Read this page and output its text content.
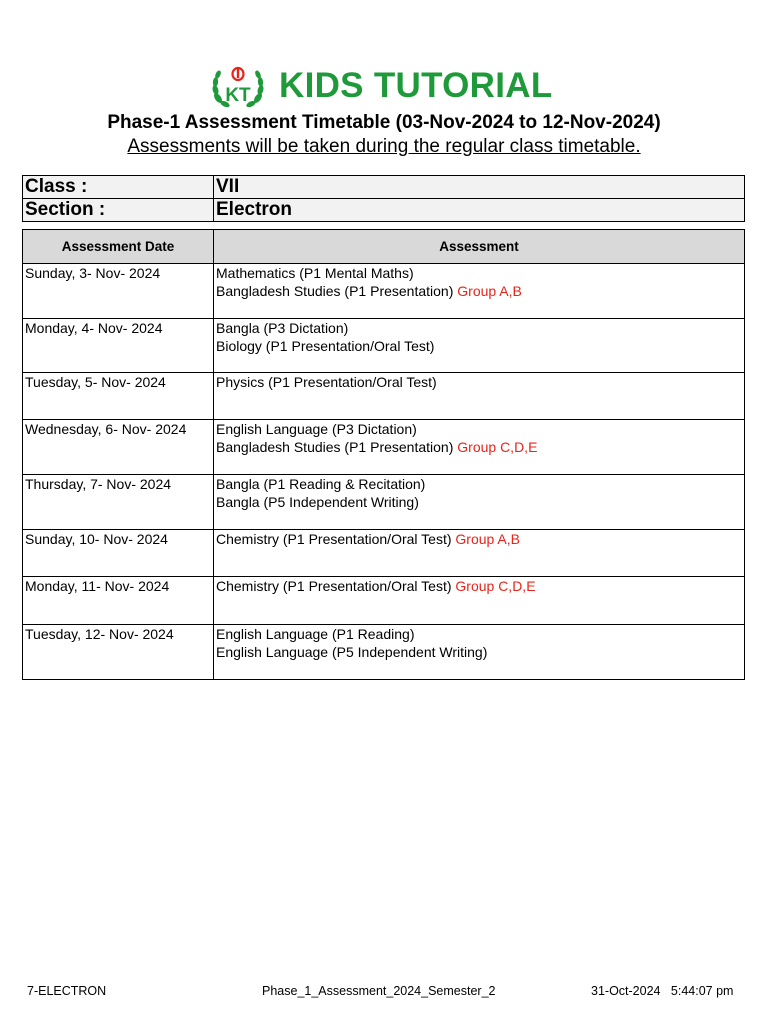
KT KIDS TUTORIAL
Phase-1 Assessment Timetable (03-Nov-2024 to 12-Nov-2024)
Assessments will be taken during the regular class timetable.
Class :	VII
Section :	Electron
Assessment Date	Assessment
Sunday, 3- Nov- 2024	Mathematics (P1 Mental Maths)
Bangladesh Studies (P1 Presentation) Group A,B

Monday, 4- Nov- 2024	Bangla (P3 Dictation)
Biology (P1 Presentation/Oral Test)

Tuesday, 5- Nov- 2024	Physics (P1 Presentation/Oral Test)

Wednesday, 6- Nov- 2024	English Language (P3 Dictation)
Bangladesh Studies (P1 Presentation) Group C,D,E

Thursday, 7- Nov- 2024	Bangla (P1 Reading & Recitation)
Bangla (P5 Independent Writing)

Sunday, 10- Nov- 2024	Chemistry (P1 Presentation/Oral Test) Group A,B

Monday, 11- Nov- 2024	Chemistry (P1 Presentation/Oral Test) Group C,D,E

Tuesday, 12- Nov- 2024	English Language (P1 Reading)
English Language (P5 Independent Writing)
7-ELECTRON	Phase_1_Assessment_2024_Semester_2	31-Oct-2024   5:44:07 pm
